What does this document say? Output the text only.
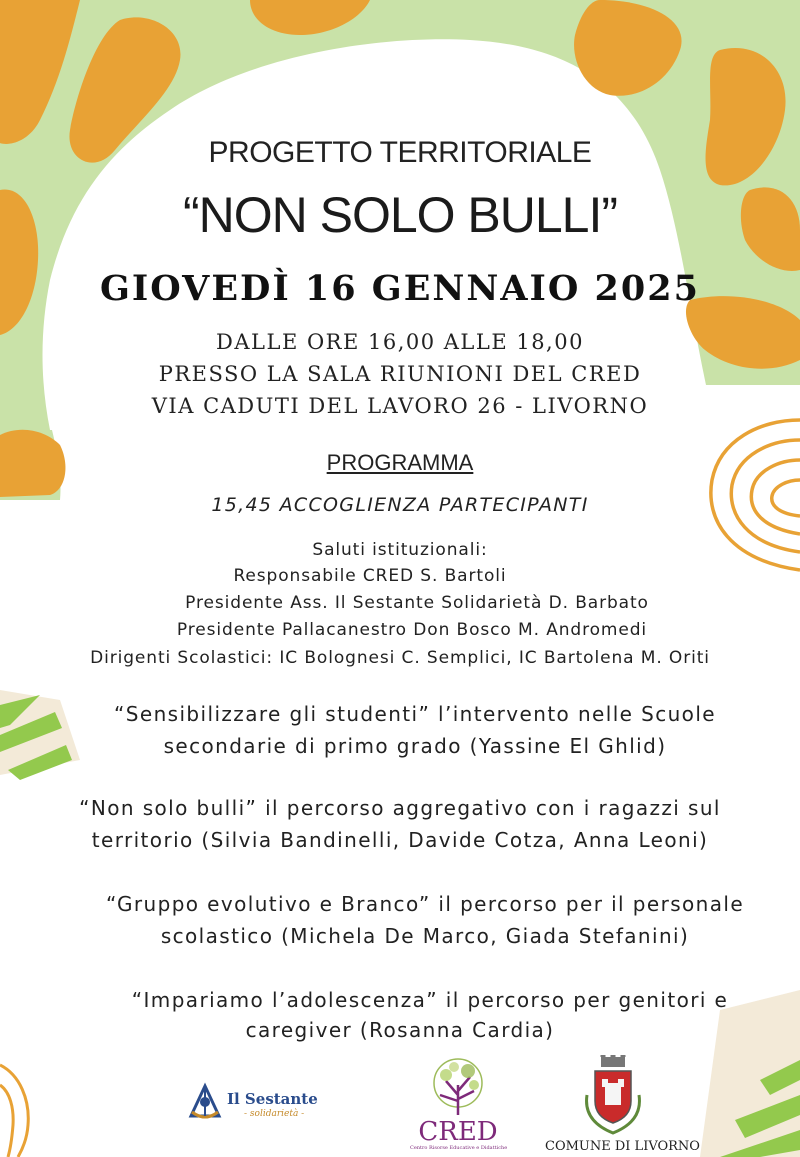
PROGETTO TERRITORIALE
“NON SOLO BULLI”
GIOVEDÌ 16 GENNAIO 2025
DALLE ORE 16,00 ALLE 18,00
PRESSO LA SALA RIUNIONI DEL CRED
VIA CADUTI DEL LAVORO 26 - LIVORNO
PROGRAMMA
15,45 ACCOGLIENZA PARTECIPANTI
Saluti istituzionali:
Responsabile CRED S. Bartoli
Presidente Ass. Il Sestante Solidarietà D. Barbato
Presidente Pallacanestro Don Bosco M. Andromedi
Dirigenti Scolastici: IC Bolognesi C. Semplici, IC Bartolena M. Oriti
“Sensibilizzare gli studenti” l’intervento nelle Scuole
secondarie di primo grado (Yassine El Ghlid)
“Non solo bulli” il percorso aggregativo con i ragazzi sul
territorio (Silvia Bandinelli, Davide Cotza, Anna Leoni)
“Gruppo evolutivo e Branco” il percorso per il personale
scolastico (Michela De Marco, Giada Stefanini)
“Impariamo l’adolescenza” il percorso per genitori e
caregiver (Rosanna Cardia)
Il Sestante
- solidarietà -
CRED
Centro Risorse Educative e Didattiche	COMUNE DI LIVORNO
